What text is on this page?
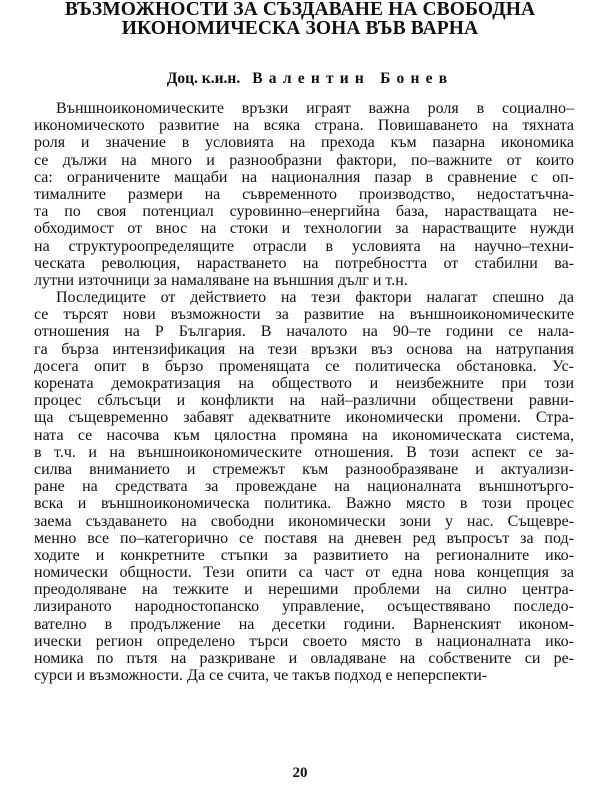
ВЪЗМОЖНОСТИ ЗА СЪЗДАВАНЕ НА СВОБОДНА
ИКОНОМИЧЕСКА ЗОНА ВЪВ ВАРНА
Доц. к.и.н. Валентин Бонев
Външноикономическите връзки играят важна роля в социално–
икономическото развитие на всяка страна. Повишаването на тяхната
роля и значение в условията на прехода към пазарна икономика
се дължи на много и разнообразни фактори, по–важните от които
са: ограничените мащаби на националния пазар в сравнение с оп-
тималните размери на съвременното производство, недостатъчна-
та по своя потенциал суровинно–енергийна база, нарастващата не-
обходимост от внос на стоки и технологии за нарастващите нужди
на структуроопределящите отрасли в условията на научно–техни-
ческата революция, нарастването на потребността от стабилни ва-
лутни източници за намаляване на външния дълг и т.н.
Последиците от действието на тези фактори налагат спешно да
се търсят нови възможности за развитие на външноикономическите
отношения на Р България. В началото на 90–те години се нала-
га бърза интензификация на тези връзки въз основа на натрупания
досега опит в бързо променящата се политическа обстановка. Ус-
корената демократизация на обществото и неизбежните при този
процес сблъсъци и конфликти на най–различни обществени равни-
ща същевременно забавят адекватните икономически промени. Стра-
ната се насочва към цялостна промяна на икономическата система,
в т.ч. и на външноикономическите отношения. В този аспект се за-
силва вниманието и стремежът към разнообразяване и актуализи-
ране на средствата за провеждане на националната външнотърго-
вска и външноикономическа политика. Важно място в този процес
заема създаването на свободни икономически зони у нас. Същевре-
менно все по–категорично се поставя на дневен ред въпросът за под-
ходите и конкретните стъпки за развитието на регионалните ико-
номически общности. Тези опити са част от една нова концепция за
преодоляване на тежките и нерешими проблеми на силно центра-
лизираното народностопанско управление, осъществявано последо-
вателно в продължение на десетки години. Варненският иконом-
ически регион определено търси своето място в националната ико-
номика по пътя на разкриване и овладяване на собствените си ре-
сурси и възможности. Да се счита, че такъв подход е неперспекти-
20
